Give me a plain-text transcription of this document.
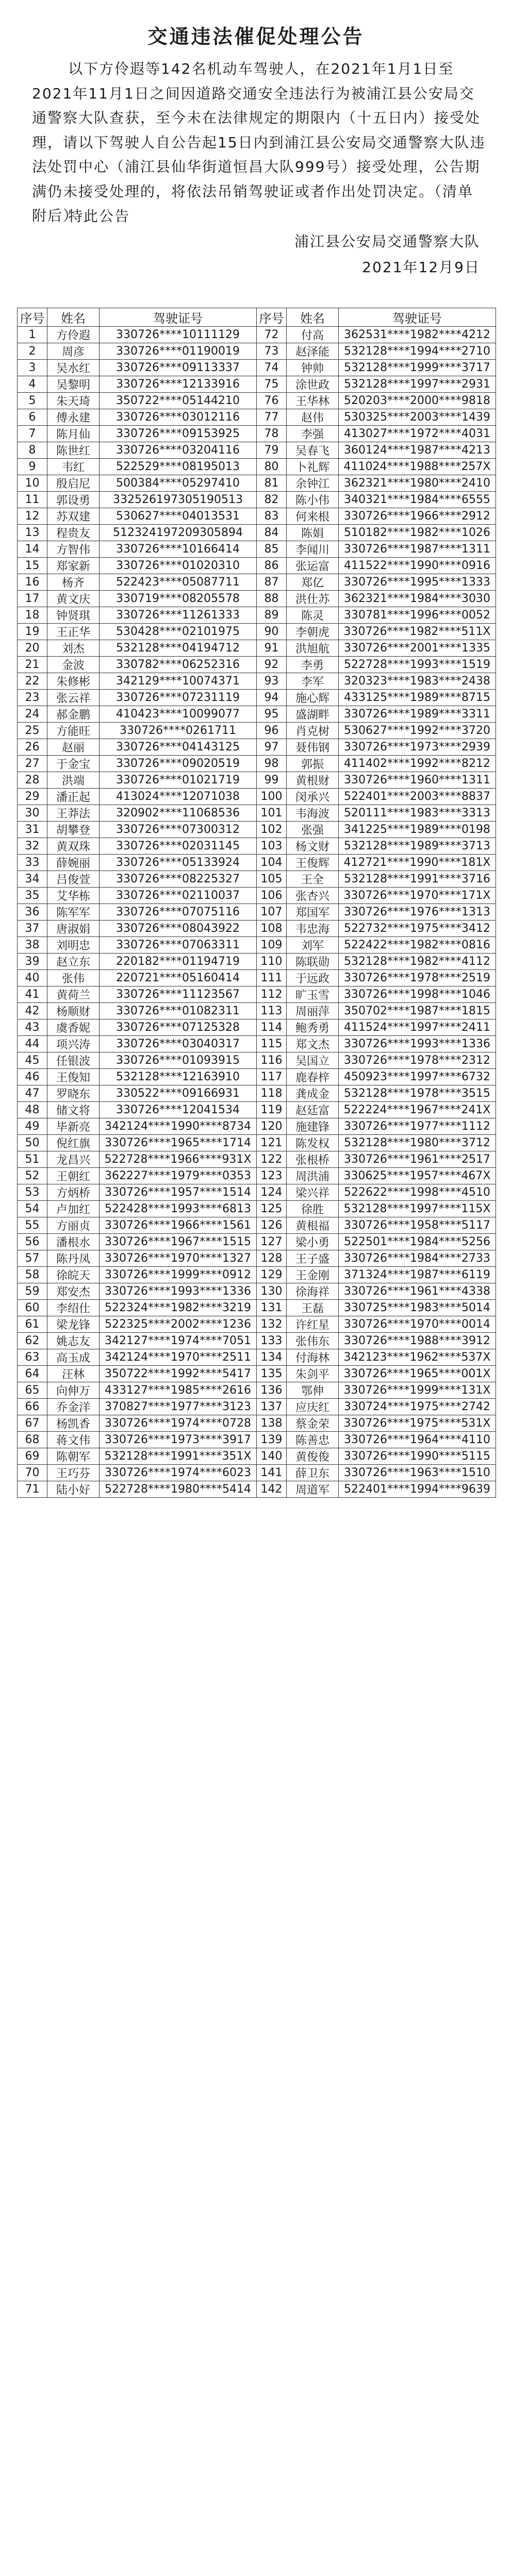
交通违法催促处理公告
以下方伶遐等142名机动车驾驶人，在2021年1月1日至2021年11月1日之间因道路交通安全违法行为被浦江县公安局交通警察大队查获，至今未在法律规定的期限内（十五日内）接受处理，请以下驾驶人自公告起15日内到浦江县公安局交通警察大队违法处罚中心（浦江县仙华街道恒昌大队999号）接受处理，公告期满仍未接受处理的，将依法吊销驾驶证或者作出处罚决定。（清单附后）
特此公告
浦江县公安局交通警察大队
2021年12月9日
序号	姓名	驾驶证号	序号	姓名	驾驶证号
1	方伶遐	330726****10111129	72	付高	362531****1982****4212
2	周彦	330726****01190019	73	赵泽能	532128****1994****2710
3	吴水红	330726****09113337	74	钟帅	532128****1999****3717
4	吴黎明	330726****12133916	75	涂世政	532128****1997****2931
5	朱天琦	350722****05144210	76	王华林	520203****2000****9818
6	傅永建	330726****03012116	77	赵伟	530325****2003****1439
7	陈月仙	330726****09153925	78	李强	413027****1972****4031
8	陈世红	330726****03204116	79	吴春飞	360124****1987****4213
9	韦红	522529****08195013	80	卜礼辉	411024****1988****257X
10	殷启尼	500384****05297410	81	余钟江	362321****1980****2410
11	郭设勇	332526197305190513	82	陈小伟	340321****1984****6555
12	苏双建	530627****04013531	83	何来根	330726****1966****2912
13	程贵友	512324197209305894	84	陈娟	510182****1982****1026
14	方智伟	330726****10166414	85	李闻川	330726****1987****1311
15	郑家新	330726****01020310	86	张运富	411522****1990****0916
16	杨齐	522423****05087711	87	郑亿	330726****1995****1333
17	黄文庆	330719****08205578	88	洪仕苏	362321****1984****3030
18	钟贤琪	330726****11261333	89	陈灵	330781****1996****0052
19	王正华	530428****02101975	90	李朝虎	330726****1982****511X
20	刘杰	532128****04194712	91	洪旭航	330726****2001****1335
21	金波	330782****06252316	92	李勇	522728****1993****1519
22	朱修彬	342129****10074371	93	李军	320323****1983****2438
23	张云祥	330726****07231119	94	施心辉	433125****1989****8715
24	郝金鹏	410423****10099077	95	盛湖畔	330726****1989****3311
25	方能旺	330726****0261711	96	肖克树	530627****1992****3720
26	赵丽	330726****04143125	97	聂伟钢	330726****1973****2939
27	于金宝	330726****09020519	98	郭振	411402****1992****8212
28	洪端	330726****01021719	99	黄根财	330726****1960****1311
29	潘正起	413024****12071038	100	闵承兴	522401****2003****8837
30	王莽法	320902****11068536	101	韦海波	520111****1983****3313
31	胡攀登	330726****07300312	102	张强	341225****1989****0198
32	黄双珠	330726****02031145	103	杨文财	532128****1989****3713
33	薛婉丽	330726****05133924	104	王俊辉	412721****1990****181X
34	吕俊萱	330726****08225327	105	王全	532128****1991****3716
35	艾华栋	330726****02110037	106	张杏兴	330726****1970****171X
36	陈军军	330726****07075116	107	郑国军	330726****1976****1313
37	唐淑娟	330726****08043922	108	韦忠海	522732****1975****3412
38	刘明忠	330726****07063311	109	刘军	522422****1982****0816
39	赵立东	220182****01194719	110	陈联勋	532128****1982****4112
40	张伟	220721****05160414	111	于远政	330726****1978****2519
41	黄荷兰	330726****11123567	112	旷玉雪	330726****1998****1046
42	杨顺财	330726****01082311	113	周丽萍	350702****1987****1815
43	虞香妮	330726****07125328	114	鲍秀勇	411524****1997****2411
44	项兴涛	330726****03040317	115	郑文杰	330726****1993****1336
45	任银波	330726****01093915	116	吴国立	330726****1978****2312
46	王俊知	532128****12163910	117	鹿春梓	450923****1997****6732
47	罗晓东	330522****09166931	118	龚成金	532128****1978****3515
48	储文将	330726****12041534	119	赵廷富	522224****1967****241X
49	毕新亮	342124****1990****8734	120	施建锋	330726****1977****1112
50	倪红旗	330726****1965****1714	121	陈发权	532128****1980****3712
51	龙昌兴	522728****1966****931X	122	张根桥	330726****1961****2517
52	王朝红	362227****1979****0353	123	周洪浦	330625****1957****467X
53	方炳桥	330726****1957****1514	124	梁兴祥	522622****1998****4510
54	卢加红	522428****1993****6813	125	徐胜	532128****1997****115X
55	方丽贞	330726****1966****1561	126	黄根福	330726****1958****5117
56	潘根水	330726****1967****1515	127	梁小勇	522501****1984****5256
57	陈丹凤	330726****1970****1327	128	王子盛	330726****1984****2733
58	徐皖天	330726****1999****0912	129	王金刚	371324****1987****6119
59	郑安杰	330726****1993****1336	130	徐海祥	330726****1961****4338
60	李绍仕	522324****1982****3219	131	王磊	330725****1983****5014
61	梁龙锋	522325****2002****1236	132	许红星	330726****1970****0014
62	姚志友	342127****1974****7051	133	张伟东	330726****1988****3912
63	高玉成	342124****1970****2511	134	付海林	342123****1962****537X
64	汪林	350722****1992****5417	135	朱剑平	330726****1965****001X
65	向伸万	433127****1985****2616	136	鄂伸	330726****1999****131X
66	乔金洋	370827****1977****3123	137	应庆红	330724****1975****2742
67	杨凯香	330726****1974****0728	138	蔡金荣	330726****1975****531X
68	蒋文伟	330726****1973****3917	139	陈善忠	330726****1964****4110
69	陈朝军	532128****1991****351X	140	黄俊俊	330726****1990****5115
70	王巧芬	330726****1974****6023	141	薛卫东	330726****1963****1510
71	陆小好	522728****1980****5414	142	周道军	522401****1994****9639
